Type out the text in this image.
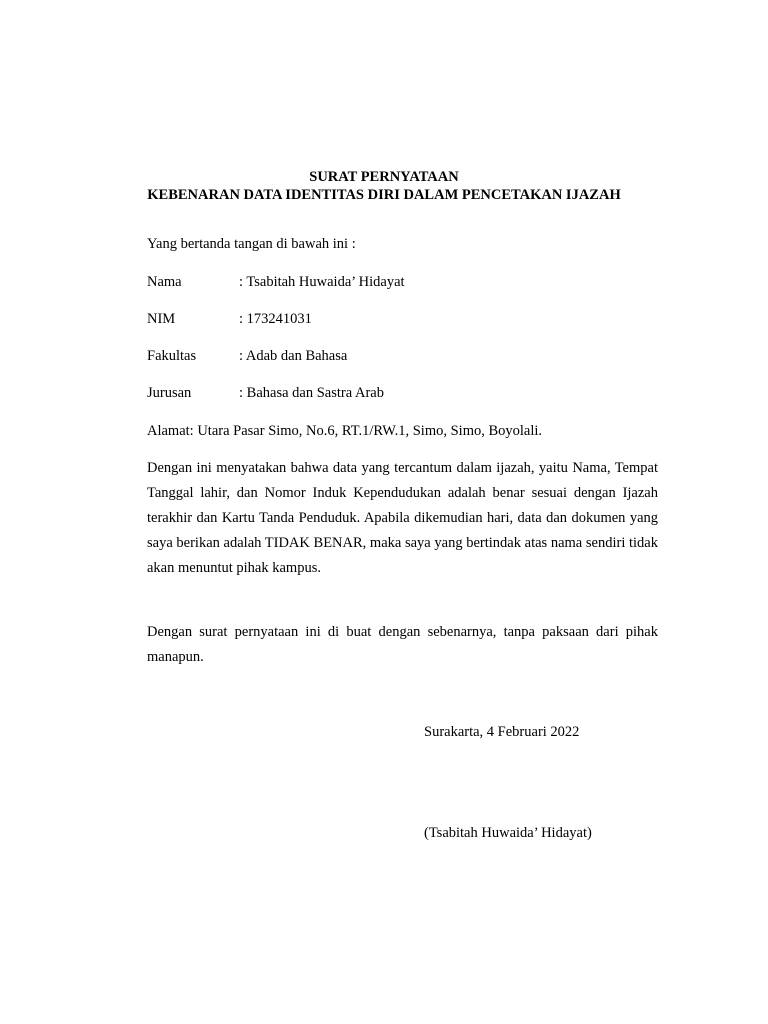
SURAT PERNYATAAN
KEBENARAN DATA IDENTITAS DIRI DALAM PENCETAKAN IJAZAH
Yang bertanda tangan di bawah ini :
Nama	: Tsabitah Huwaida’ Hidayat
NIM	: 173241031
Fakultas	: Adab dan Bahasa
Jurusan	: Bahasa dan Sastra Arab
Alamat: Utara Pasar Simo, No.6, RT.1/RW.1, Simo, Simo, Boyolali.
Dengan ini menyatakan bahwa data yang tercantum dalam ijazah, yaitu Nama, Tempat Tanggal lahir, dan Nomor Induk Kependudukan adalah benar sesuai dengan Ijazah terakhir dan Kartu Tanda Penduduk. Apabila dikemudian hari, data dan dokumen yang saya berikan adalah TIDAK BENAR, maka saya yang bertindak atas nama sendiri tidak akan menuntut pihak kampus.
Dengan surat pernyataan ini di buat dengan sebenarnya, tanpa paksaan dari pihak manapun.
Surakarta, 4 Februari 2022
(Tsabitah Huwaida’ Hidayat)
